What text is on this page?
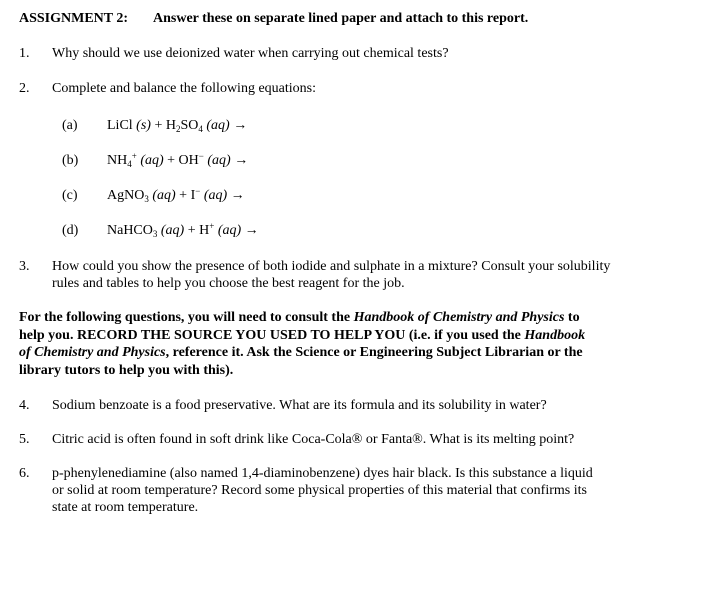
ASSIGNMENT 2: Answer these on separate lined paper and attach to this report.
1.	Why should we use deionized water when carrying out chemical tests?
2.	Complete and balance the following equations:
(a)	LiCl $(s) + H_2SO_4$ (aq) →
(b)	$NH_4^+$ (aq) + OH− (aq) →
(c)	AgNO$_3$ (aq) + I− (aq) →
(d)	NaHCO$_3$ (aq) + H+ (aq) →
3.	How could you show the presence of both iodide and sulphate in a mixture? Consult your solubility
rules and tables to help you choose the best reagent for the job.
For the following questions, you will need to consult the Handbook of Chemistry and Physics to
help you. RECORD THE SOURCE YOU USED TO HELP YOU (i.e. if you used the Handbook
of Chemistry and Physics, reference it. Ask the Science or Engineering Subject Librarian or the
library tutors to help you with this).
4.	Sodium benzoate is a food preservative. What are its formula and its solubility in water?
5.	Citric acid is often found in soft drink like Coca-Cola® or Fanta®. What is its melting point?
6.	p-phenylenediamine (also named 1,4-diaminobenzene) dyes hair black. Is this substance a liquid
or solid at room temperature? Record some physical properties of this material that confirms its
state at room temperature.
